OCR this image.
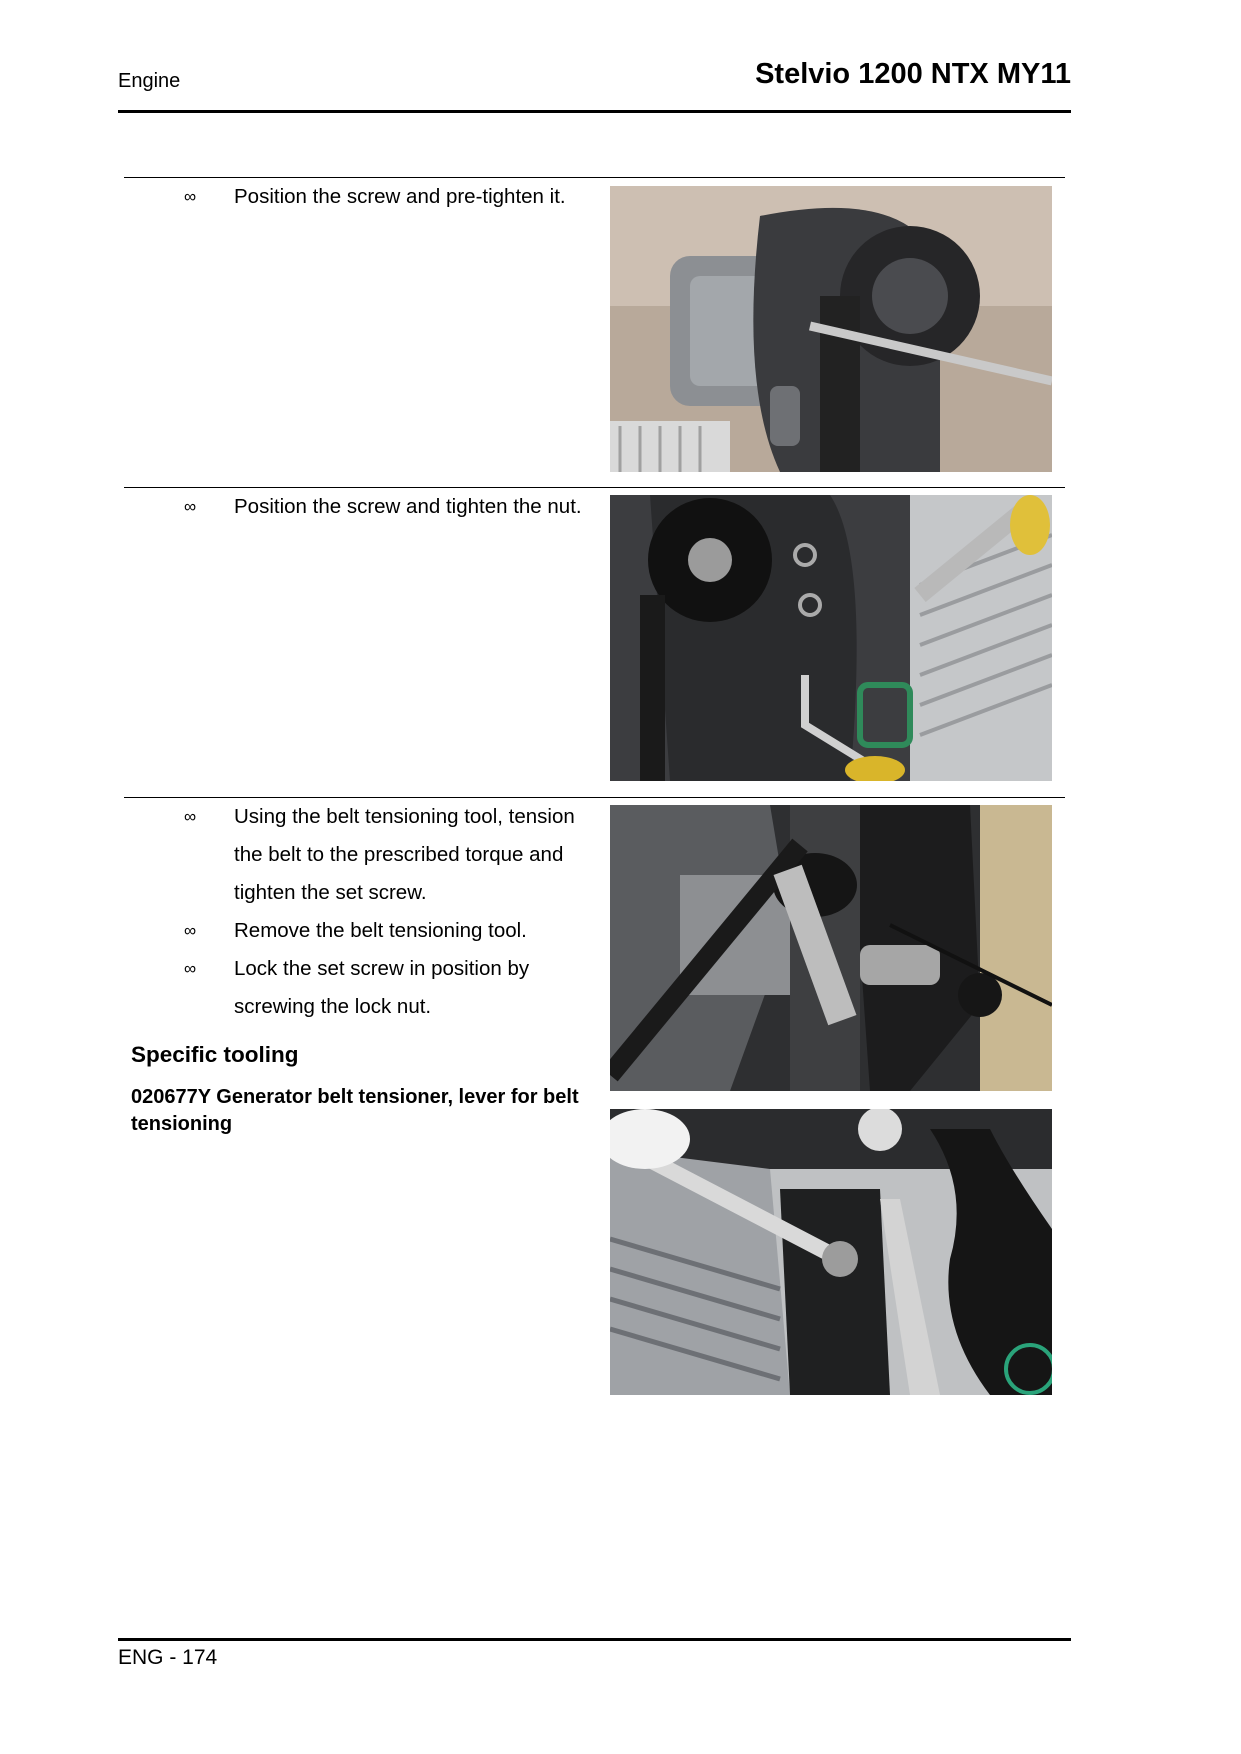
Engine	Stelvio 1200 NTX MY11
∞ Position the screw and pre-tighten it.
∞ Position the screw and tighten the nut.
∞ Using the belt tensioning tool, tension the belt to the prescribed torque and tighten the set screw.
∞ Remove the belt tensioning tool.
∞ Lock the set screw in position by screwing the lock nut.
Specific tooling
020677Y Generator belt tensioner, lever for belt tensioning
ENG - 174
